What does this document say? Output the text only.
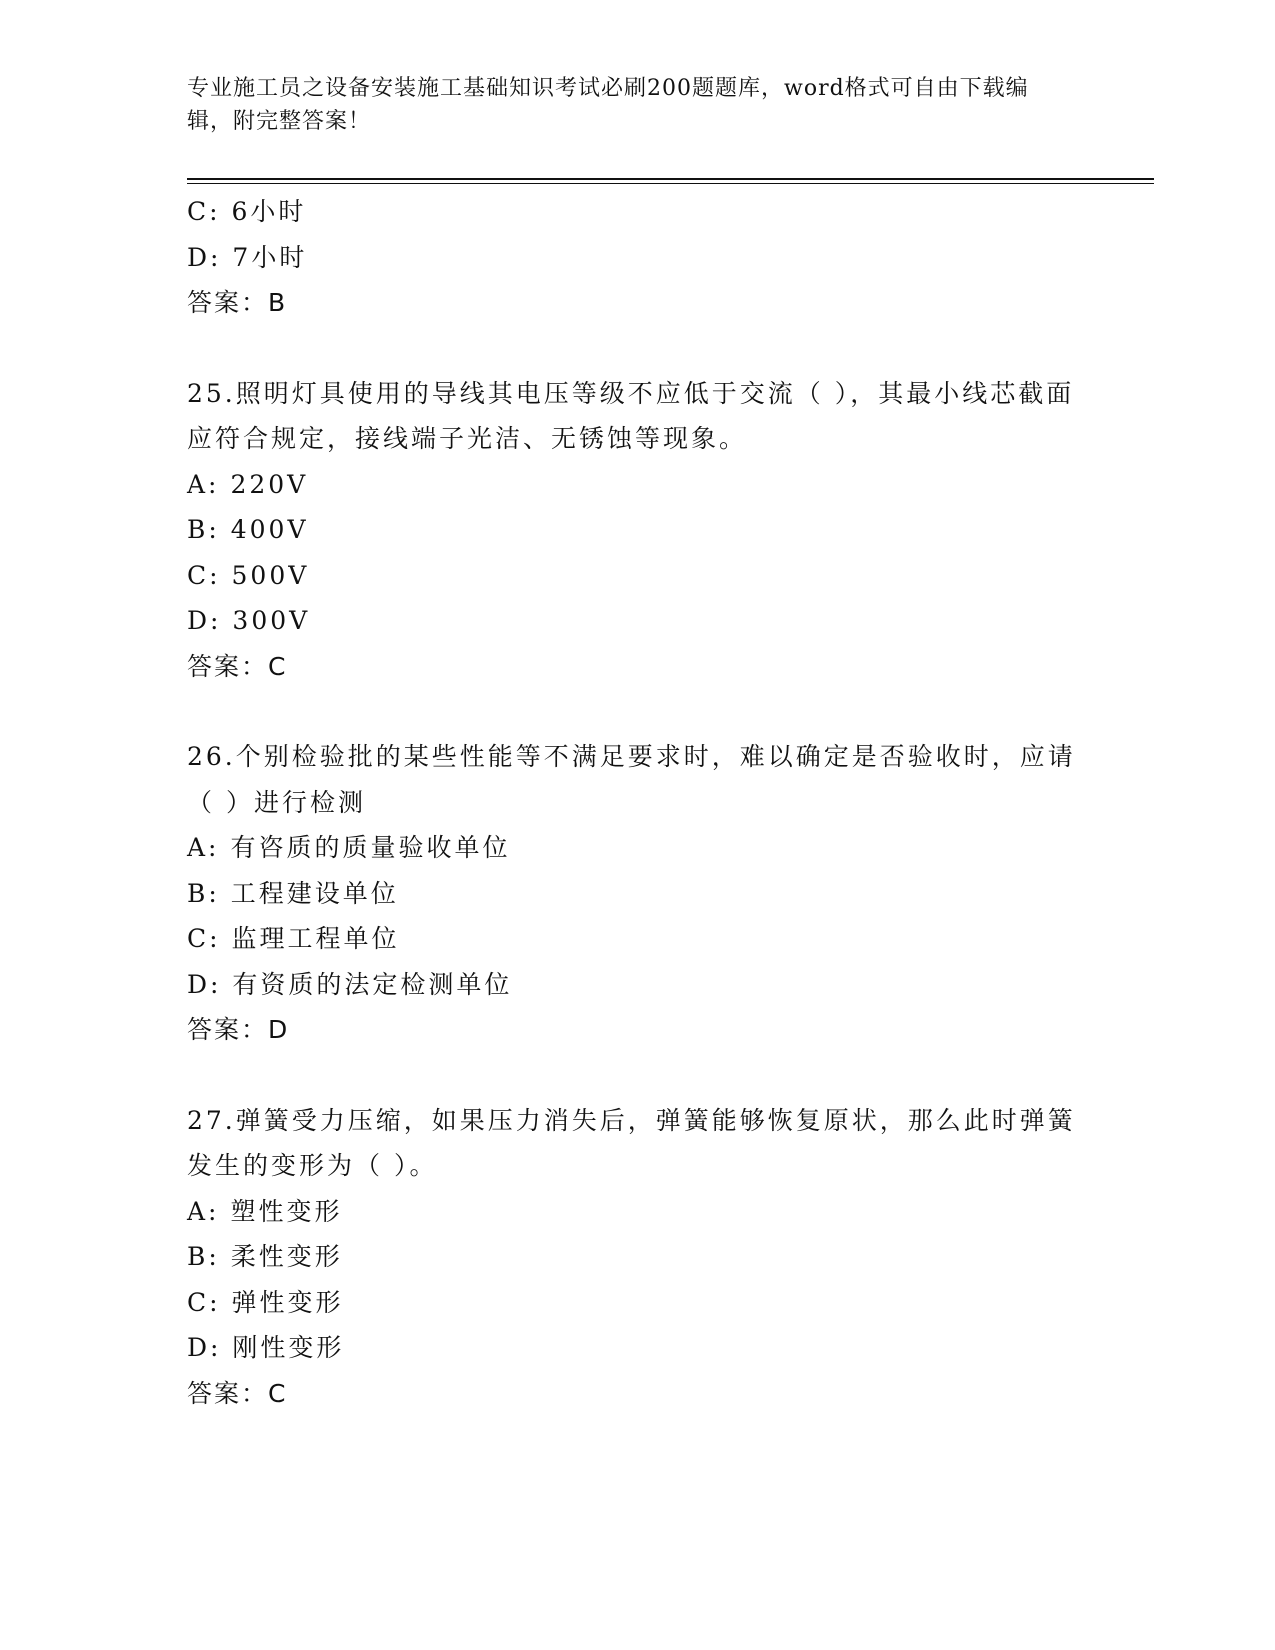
专业施工员之设备安装施工基础知识考试必刷200题题库，word格式可自由下载编辑，附完整答案！
C: 6小时
D: 7小时
答案：B
25.照明灯具使用的导线其电压等级不应低于交流（ ），其最小线芯截面应符合规定，接线端子光洁、无锈蚀等现象。
A: 220V
B: 400V
C: 500V
D: 300V
答案：C
26.个别检验批的某些性能等不满足要求时，难以确定是否验收时，应请（ ）进行检测
A: 有咨质的质量验收单位
B: 工程建设单位
C: 监理工程单位
D: 有资质的法定检测单位
答案：D
27.弹簧受力压缩，如果压力消失后，弹簧能够恢复原状，那么此时弹簧发生的变形为（ ）。
A: 塑性变形
B: 柔性变形
C: 弹性变形
D: 刚性变形
答案：C
